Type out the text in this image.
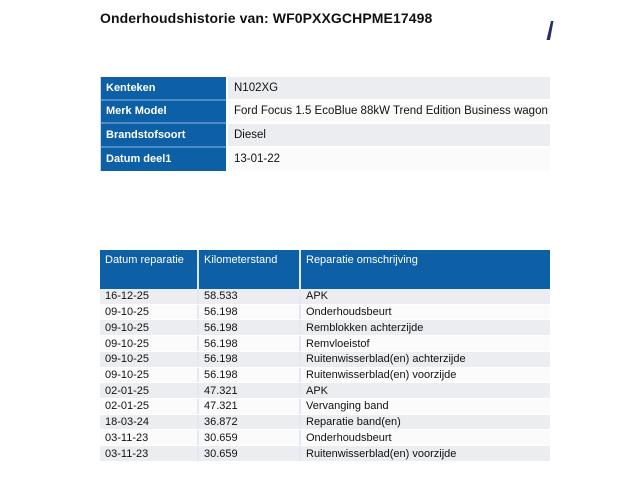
Onderhoudshistorie van: WF0PXXGCHPME17498
Kenteken	N102XG
Merk Model	Ford Focus 1.5 EcoBlue 88kW Trend Edition Business wagon
Brandstofsoort	Diesel
Datum deel1	13-01-22
Datum reparatie	Kilometerstand	Reparatie omschrijving
16-12-25	58.533	APK
09-10-25	56.198	Onderhoudsbeurt
09-10-25	56.198	Remblokken achterzijde
09-10-25	56.198	Remvloeistof
09-10-25	56.198	Ruitenwisserblad(en) achterzijde
09-10-25	56.198	Ruitenwisserblad(en) voorzijde
02-01-25	47.321	APK
02-01-25	47.321	Vervanging band
18-03-24	36.872	Reparatie band(en)
03-11-23	30.659	Onderhoudsbeurt
03-11-23	30.659	Ruitenwisserblad(en) voorzijde
